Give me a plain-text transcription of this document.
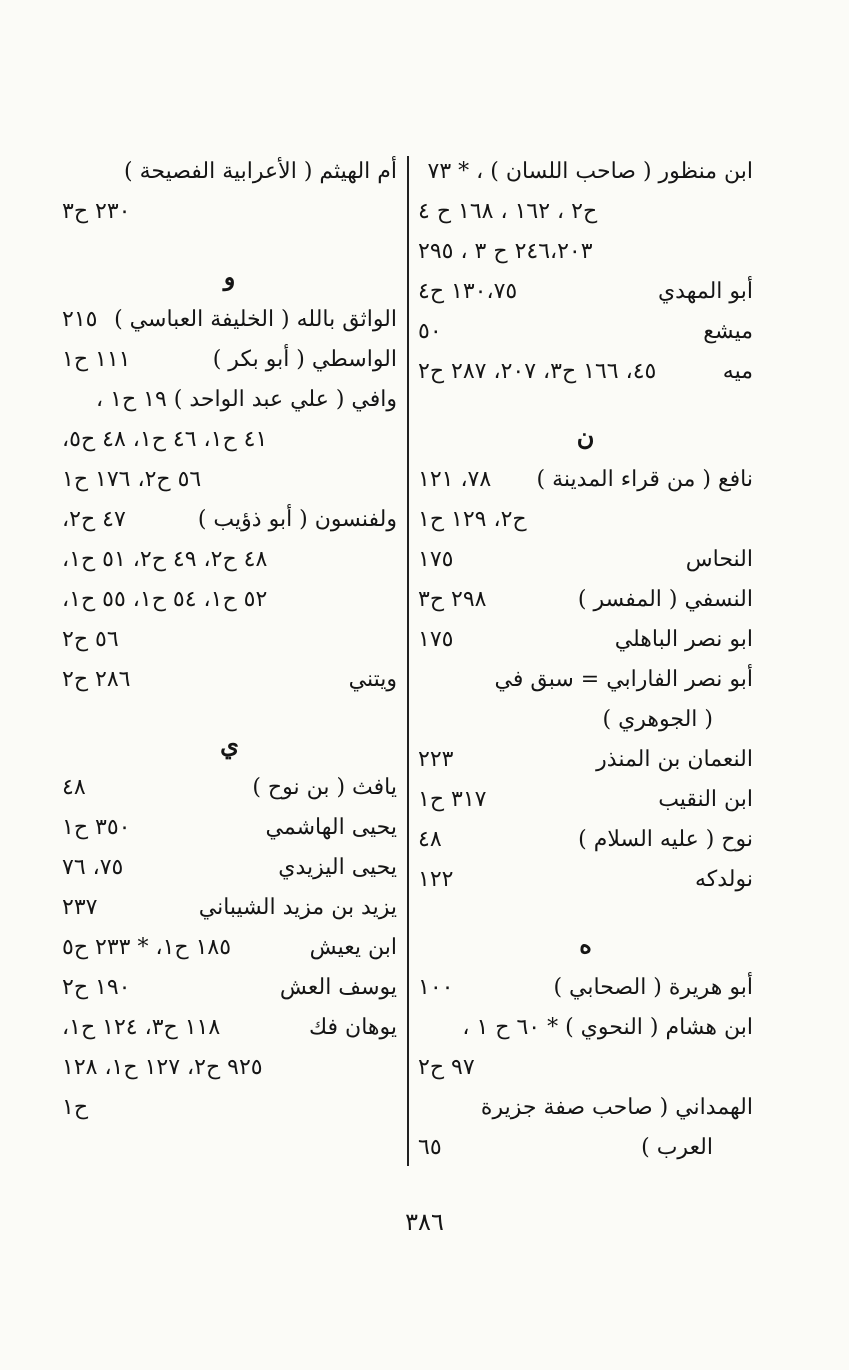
ابن منظور ( صاحب اللسان ) ، * ٧٣
ح٢ ، ١٦٢ ، ١٦٨ ح ٤
٢٤٦،٢٠٣ ح ٣ ، ٢٩٥
أبو المهدي
١٣٠،٧٥ ح٤
ميشع
٥٠
ميه
٤٥، ١٦٦ ح٣، ٢٠٧، ٢٨٧ ح٢
ن
نافع ( من قراء المدينة )
٧٨، ١٢١
ح٢، ١٢٩ ح١
النحاس
١٧٥
النسفي ( المفسر )
٢٩٨ ح٣
ابو نصر الباهلي
١٧٥
أبو نصر الفارابي = سبق في
( الجوهري )
النعمان بن المنذر
٢٢٣
ابن النقيب
٣١٧ ح١
نوح ( عليه السلام )
٤٨
نولدكه
١٢٢
ه
أبو هريرة ( الصحابي )
١٠٠
ابن هشام ( النحوي ) * ٦٠ ح ١ ،
٩٧ ح٢
الهمداني ( صاحب صفة جزيرة
العرب )
٦٥
أم الهيثم ( الأعرابية الفصيحة )
٢٣٠ ح٣
و
الواثق بالله ( الخليفة العباسي )
٢١٥
الواسطي ( أبو بكر )
١١١ ح١
وافي ( علي عبد الواحد ) ١٩ ح١ ،
٤١ ح١، ٤٦ ح١، ٤٨ ح٥،
٥٦ ح٢، ١٧٦ ح١
ولفنسون ( أبو ذؤيب )
٤٧ ح٢،
٤٨ ح٢، ٤٩ ح٢، ٥١ ح١،
٥٢ ح١، ٥٤ ح١، ٥٥ ح١،
٥٦ ح٢
ويتني
٢٨٦ ح٢
ي
يافث ( بن نوح )
٤٨
يحيى الهاشمي
٣٥٠ ح١
يحيى اليزيدي
٧٥، ٧٦
يزيد بن مزيد الشيباني
٢٣٧
ابن يعيش
١٨٥ ح١، * ٢٣٣ ح٥
يوسف العش
١٩٠ ح٢
يوهان فك
١١٨ ح٣، ١٢٤ ح١،
٩٢٥ ح٢، ١٢٧ ح١، ١٢٨
ح١
٣٨٦
